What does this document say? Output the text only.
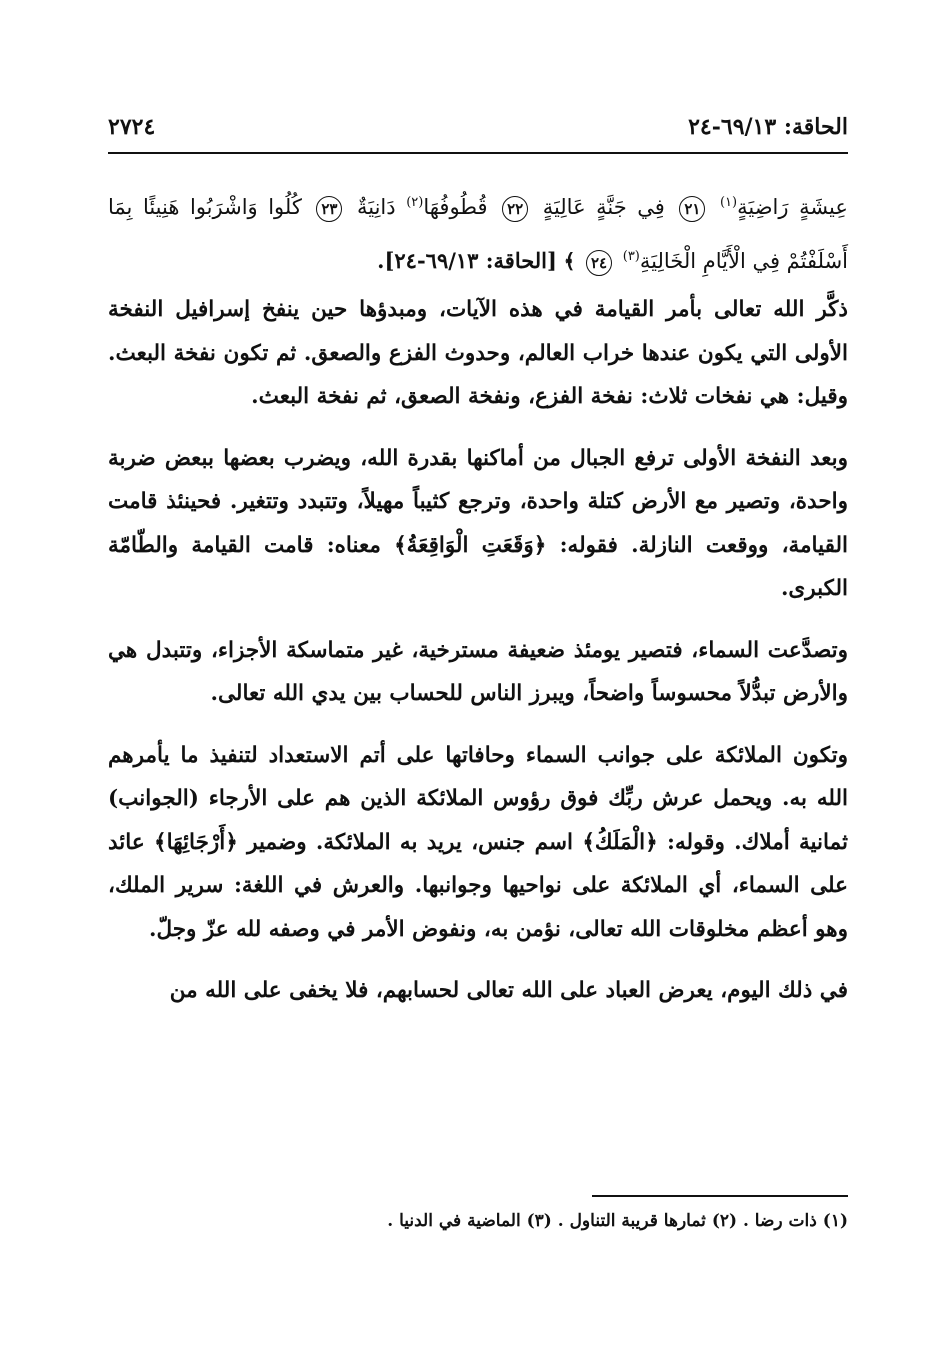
الحاقة: ٦٩/١٣-٢٤
٢٧٢٤
عِيشَةٍ رَاضِيَةٍ$^{(١)}$ ٢١ فِي جَنَّةٍ عَالِيَةٍ ٢٢ قُطُوفُهَا$^{(٢)}$ دَانِيَةٌ ٢٣ كُلُوا وَاشْرَبُوا هَنِيئًا بِمَا أَسْلَفْتُمْ فِي الْأَيَّامِ الْخَالِيَةِ$^{(٣)}$ ٢٤ ﴾ [الحاقة: ٦٩/١٣-٢٤].

ذكَّر الله تعالى بأمر القيامة في هذه الآيات، ومبدؤها حين ينفخ إسرافيل النفخة الأولى التي يكون عندها خراب العالم، وحدوث الفزع والصعق. ثم تكون نفخة البعث. وقيل: هي نفخات ثلاث: نفخة الفزع، ونفخة الصعق، ثم نفخة البعث.

وبعد النفخة الأولى ترفع الجبال من أماكنها بقدرة الله، ويضرب بعضها ببعض ضربة واحدة، وتصير مع الأرض كتلة واحدة، وترجع كثيباً مهيلاً، وتتبدد وتتغير. فحينئذ قامت القيامة، ووقعت النازلة. فقوله: ﴿وَقَعَتِ الْوَاقِعَةُ﴾ معناه: قامت القيامة والطّامّة الكبرى.

وتصدَّعت السماء، فتصير يومئذ ضعيفة مسترخية، غير متماسكة الأجزاء، وتتبدل هي والأرض تبدُّلاً محسوساً واضحاً، ويبرز الناس للحساب بين يدي الله تعالى.

وتكون الملائكة على جوانب السماء وحافاتها على أتم الاستعداد لتنفيذ ما يأمرهم الله به. ويحمل عرش ربِّك فوق رؤوس الملائكة الذين هم على الأرجاء (الجوانب) ثمانية أملاك. وقوله: ﴿الْمَلَكُ﴾ اسم جنس، يريد به الملائكة. وضمير ﴿أَرْجَائِهَا﴾ عائد على السماء، أي الملائكة على نواحيها وجوانبها. والعرش في اللغة: سرير الملك، وهو أعظم مخلوقات الله تعالى، نؤمن به، ونفوض الأمر في وصفه لله عزّ وجلّ.

في ذلك اليوم، يعرض العباد على الله تعالى لحسابهم، فلا يخفى على الله من

(١) ذات رضا . (٢) ثمارها قريبة التناول . (٣) الماضية في الدنيا .
